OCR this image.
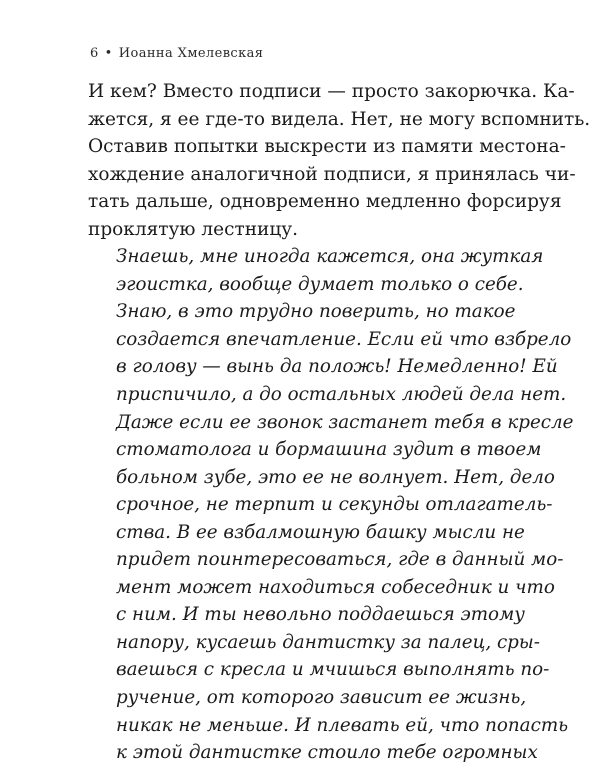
6 • Иоанна Хмелевская
И кем? Вместо подписи — просто закорючка. Ка-
жется, я ее где-то видела. Нет, не могу вспомнить.
Оставив попытки выскрести из памяти местона-
хождение аналогичной подписи, я принялась чи-
тать дальше, одновременно медленно форсируя
проклятую лестницу.
Знаешь, мне иногда кажется, она жуткая
эгоистка, вообще думает только о себе.
Знаю, в это трудно поверить, но такое
создается впечатление. Если ей что взбрело
в голову — вынь да положь! Немедленно! Ей
приспичило, а до остальных людей дела нет.
Даже если ее звонок застанет тебя в кресле
стоматолога и бормашина зудит в твоем
больном зубе, это ее не волнует. Нет, дело
срочное, не терпит и секунды отлагатель-
ства. В ее взбалмошную башку мысли не
придет поинтересоваться, где в данный мо-
мент может находиться собеседник и что
с ним. И ты невольно поддаешься этому
напору, кусаешь дантистку за палец, сры-
ваешься с кресла и мчишься выполнять по-
ручение, от которого зависит ее жизнь,
никак не меньше. И плевать ей, что попасть
к этой дантистке стоило тебе огромных
